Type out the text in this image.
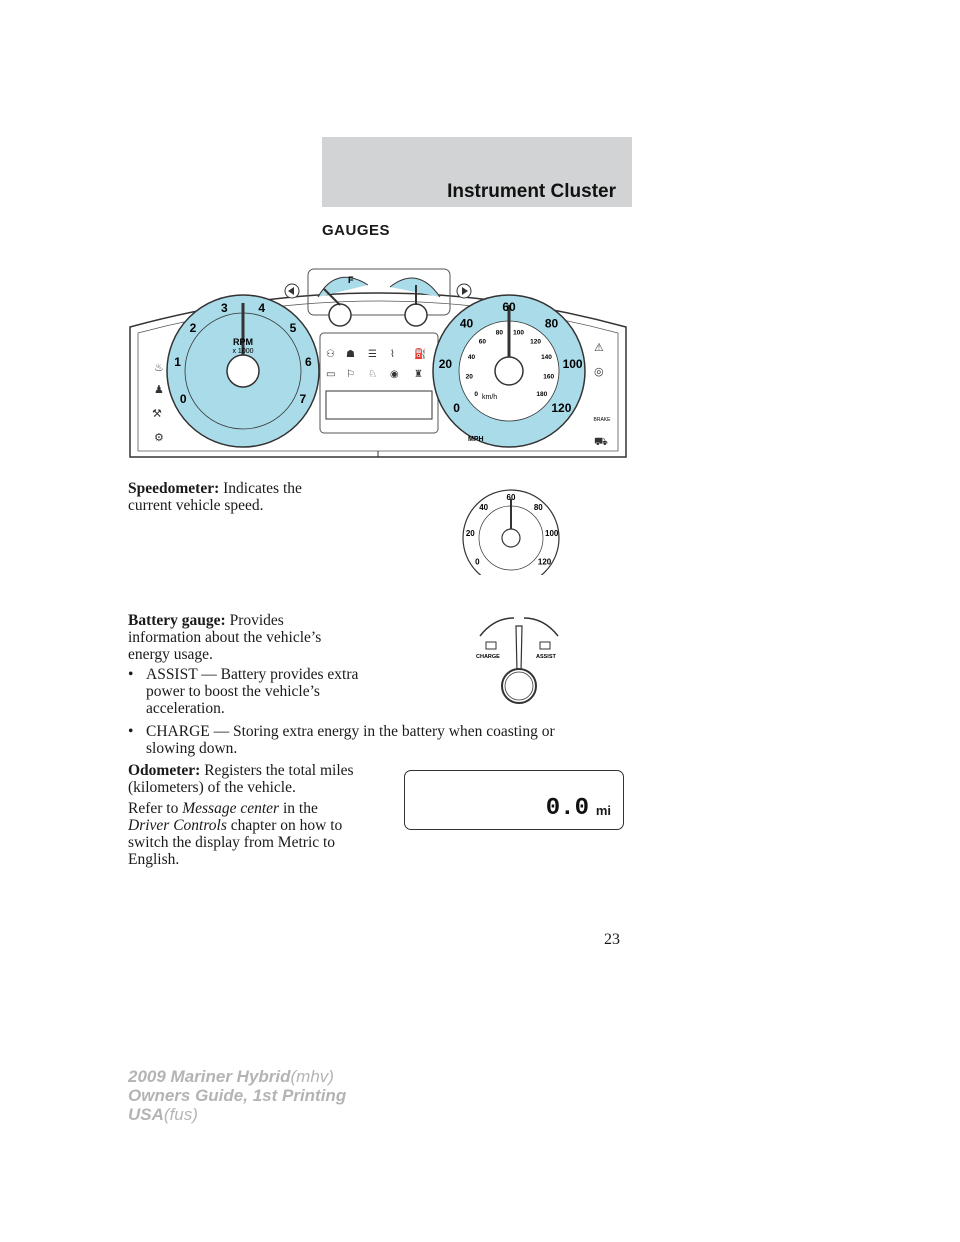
Instrument Cluster
GAUGES
RPM
x 1000
0
1
2
3	4
5
6
7
MPH
km/h
0
20
40
60
80
100
120
0
20
40
60
80 100
120
140
160
180
F
♨
♟
⚒
⚙
⚠
◎
⛟
BRAKE
⚇ ☗ ☰ ⌇ ⛽
▭ ⚐ ♘ ◉ ♜
Speedometer: Indicates the
current vehicle speed.
0
20
40
60
80
100
120
Battery gauge: Provides
information about the vehicle’s
energy usage.	CHARGE	ASSIST
• ASSIST — Battery provides extra
power to boost the vehicle’s
acceleration.
• CHARGE — Storing extra energy in the battery when coasting or
slowing down.
Odometer: Registers the total miles
(kilometers) of the vehicle.
Refer to Message center in the
Driver Controls chapter on how to
switch the display from Metric to
English.
0.0 mi
23
2009 Mariner Hybrid(mhv)
Owners Guide, 1st Printing
USA(fus)
